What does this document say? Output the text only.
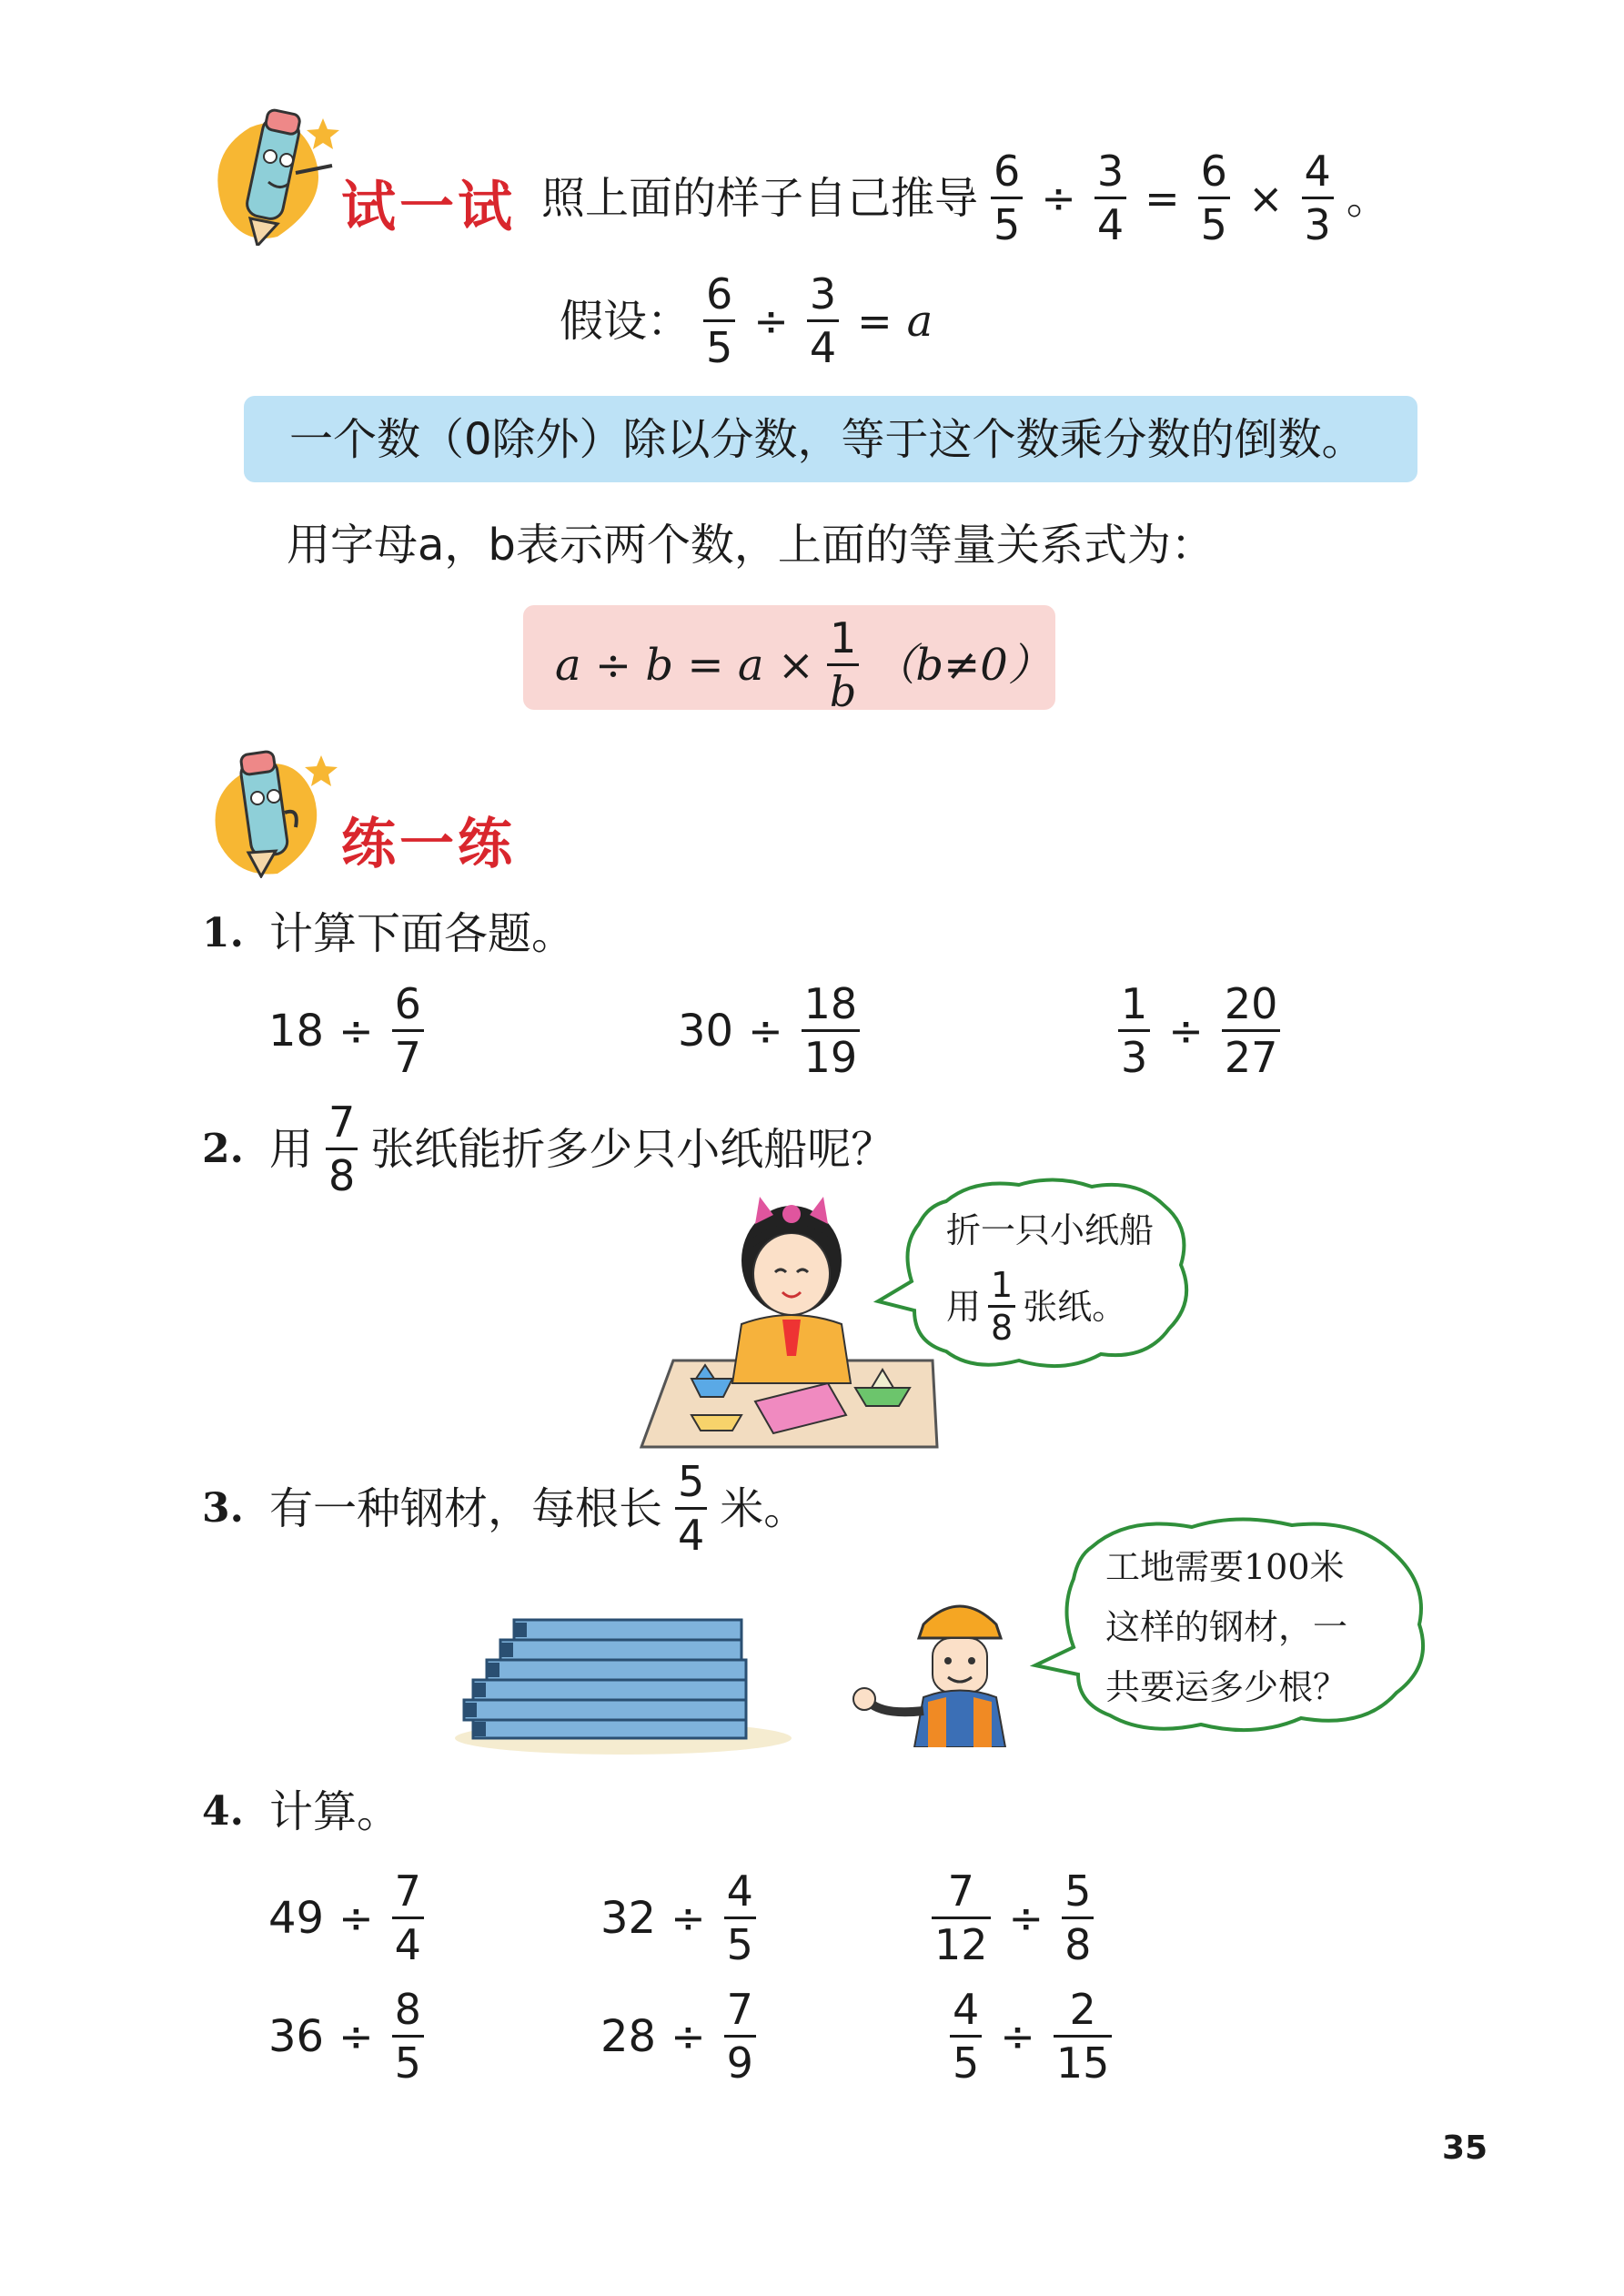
试一试 照上面的样子自己推导 $\frac{6}{5} \div \frac{3}{4} = \frac{6}{5} \times \frac{4}{3}$ 。
假设： $\frac{6}{5} \div \frac{3}{4} = a$
一个数（0除外）除以分数，等于这个数乘分数的倒数。
用字母a，b表示两个数，上面的等量关系式为：
$a \div b = a \times \frac{1}{b} (b\ne 0)$
练一练
1. 计算下面各题。
$18 \div \frac{6}{7}$	$30 \div \frac{18}{19}$	$\frac{1}{3} \div \frac{20}{27}$
2. 用 $\frac{7}{8}$ 张纸能折多少只小纸船呢？
折一只小纸船
用 $\frac{1}{8}$ 张纸。
3. 有一种钢材，每根长 $\frac{5}{4}$ 米。
工地需要100米
这样的钢材，一
共要运多少根？
4. 计算。
$49 \div \frac{7}{4}$	$32 \div \frac{4}{5}$	$\frac{7}{12} \div \frac{5}{8}$
$36 \div \frac{8}{5}$	$28 \div \frac{7}{9}$	$\frac{4}{5} \div \frac{2}{15}$
35
